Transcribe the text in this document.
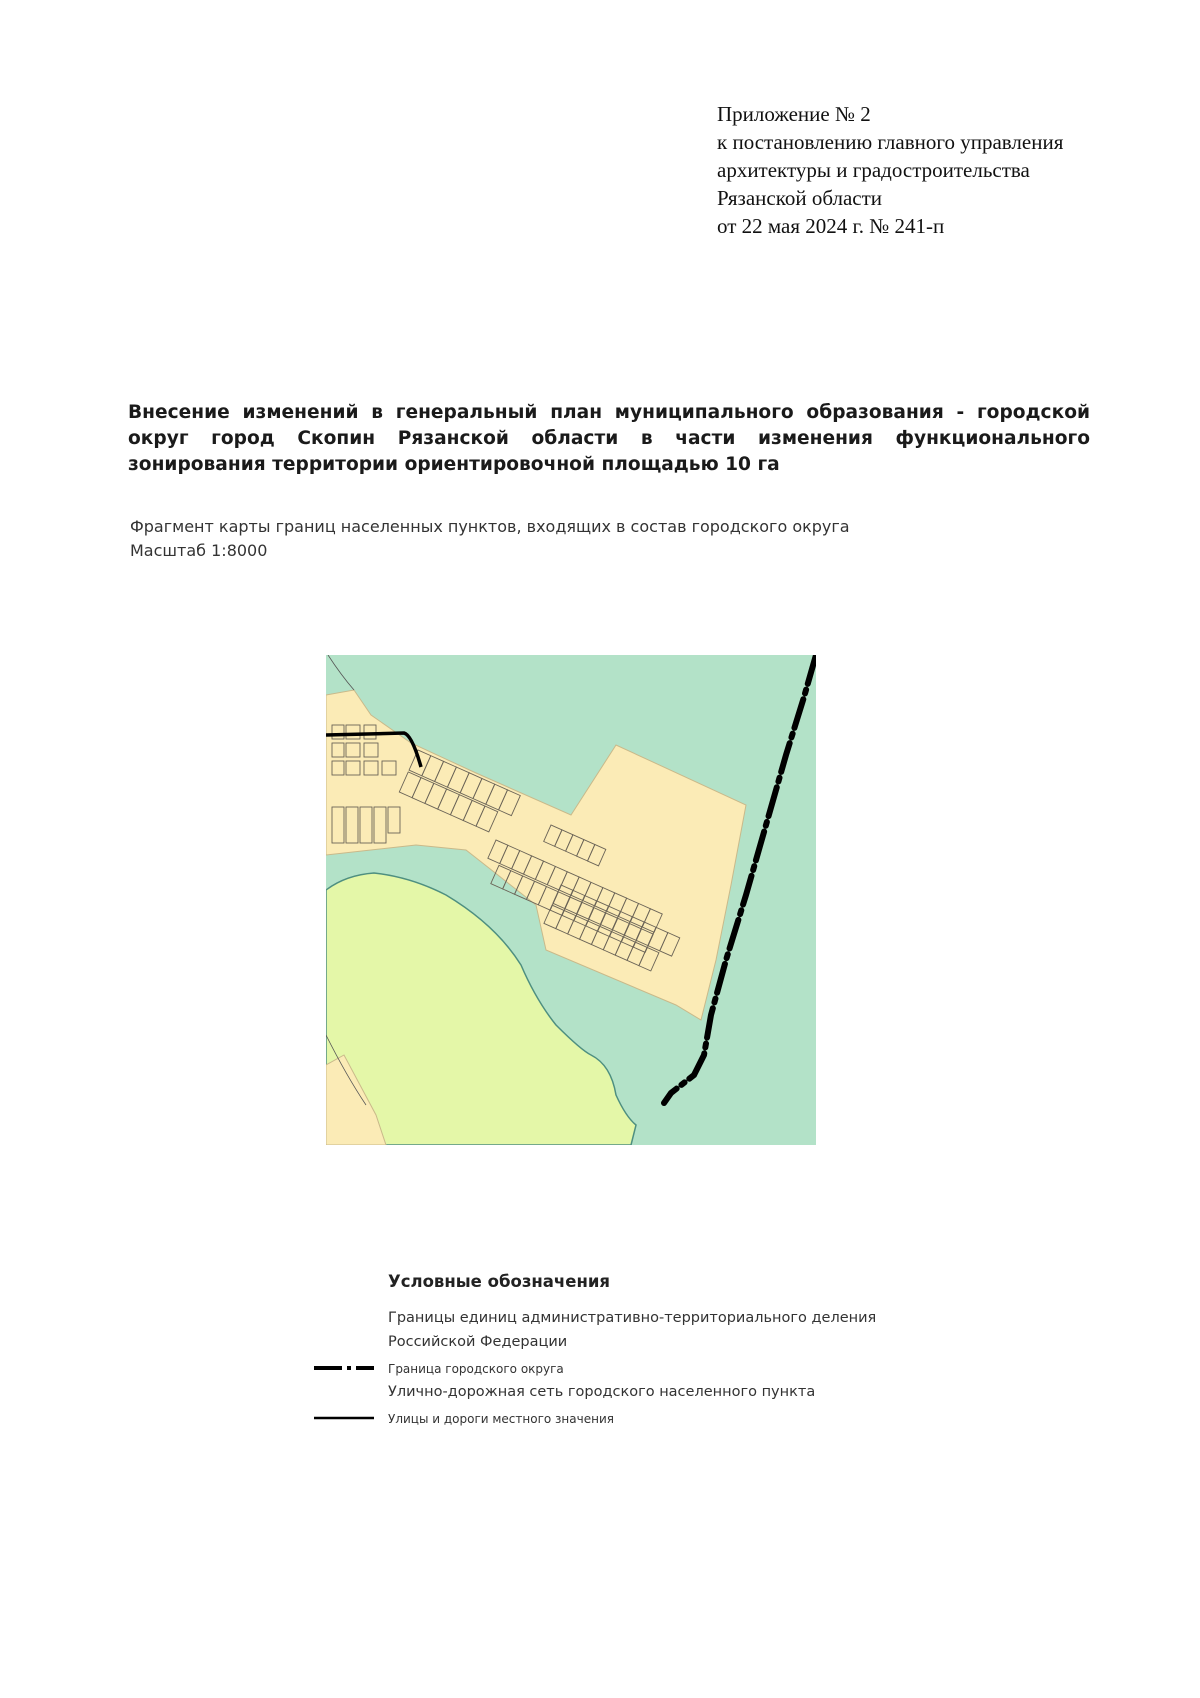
Приложение № 2
к постановлению главного управления
архитектуры и градостроительства
Рязанской области
от 22 мая 2024 г. № 241-п
Внесение изменений в генеральный план муниципального образования - городской округ город Скопин Рязанской области в части изменения функционального зонирования территории ориентировочной площадью 10 га
Фрагмент карты границ населенных пунктов, входящих в состав городского округа
Масштаб 1:8000
Условные обозначения
Границы единиц административно-территориального деления
Российской Федерации
Граница городского округа
Улично-дорожная сеть городского населенного пункта
Улицы и дороги местного значения
